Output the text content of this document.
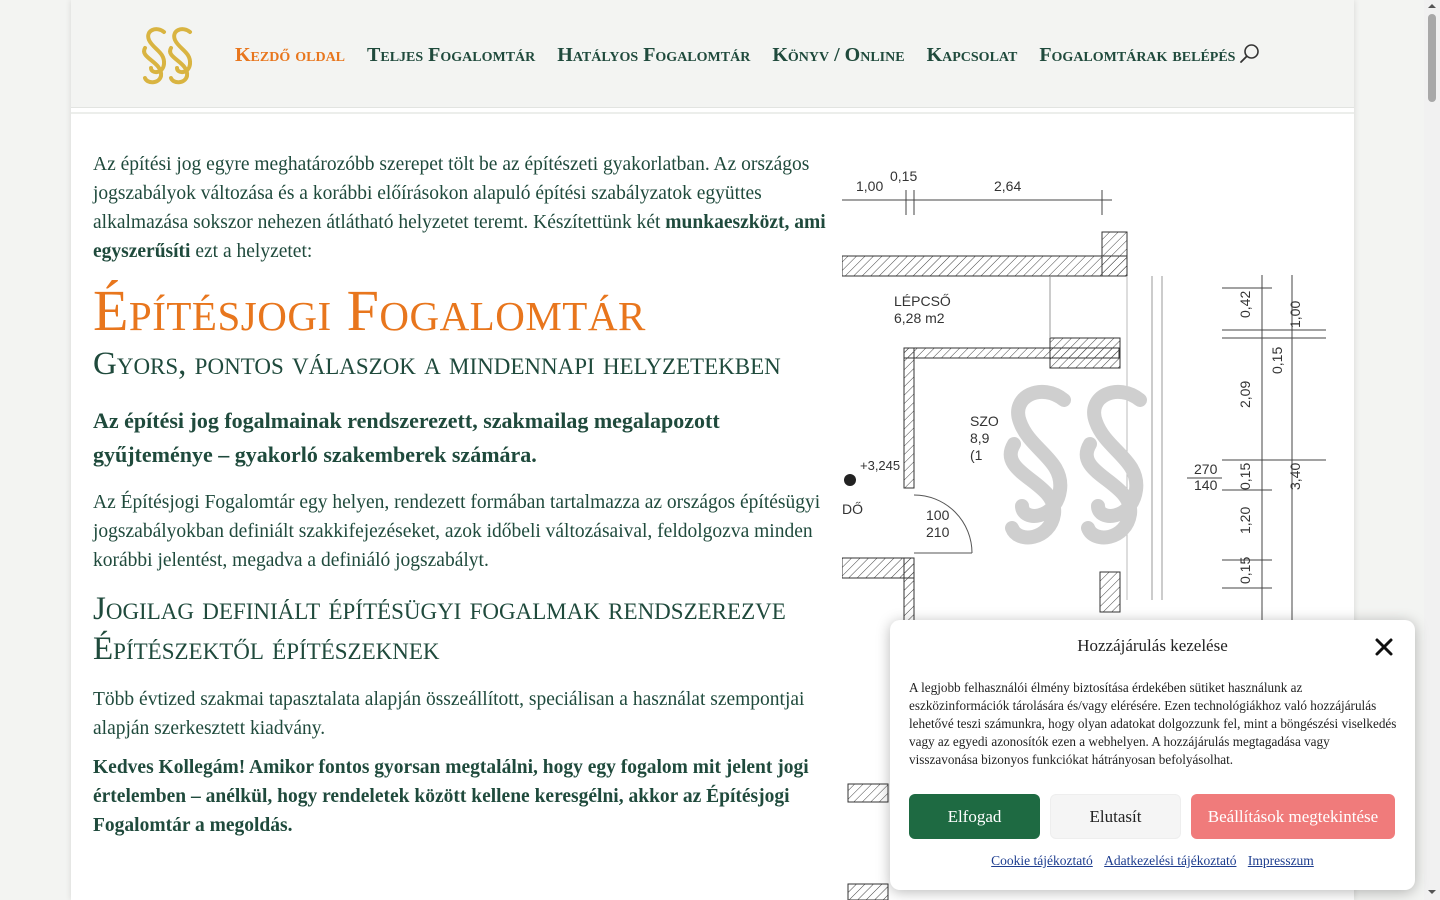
Kezdő oldal Teljes Fogalomtár Hatályos Fogalomtár Könyv / Online Kapcsolat Fogalomtárak belépés

Az építési jog egyre meghatározóbb szerepet tölt be az építészeti gyakorlatban. Az országos jogszabályok változása és a korábbi előírásokon alapuló építési szabályzatok együttes alkalmazása sokszor nehezen átlátható helyzetet teremt. Készítettünk két munkaeszközt, ami egyszerűsíti ezt a helyzetet:

Építésjogi Fogalomtár
Gyors, pontos válaszok a mindennapi helyzetekben

Az építési jog fogalmainak rendszerezett, szakmailag megalapozott gyűjteménye – gyakorló szakemberek számára.

Az Építésjogi Fogalomtár egy helyen, rendezett formában tartalmazza az országos építésügyi jogszabályokban definiált szakkifejezéseket, azok időbeli változásaival, feldolgozva minden korábbi jelentést, megadva a definiáló jogszabályt.

Jogilag definiált építésügyi fogalmak rendszerezve
Építészektől építészeknek

Több évtized szakmai tapasztalata alapján összeállított, speciálisan a használat szempontjai alapján szerkesztett kiadvány.

Kedves Kollegám! Amikor fontos gyorsan megtalálni, hogy egy fogalom mit jelent jogi értelemben – anélkül, hogy rendeletek között kellene keresgélni, akkor az Építésjogi Fogalomtár a megoldás.

1,00
0,15
2,64
0,42 1,00
0,15
2,09
0,15 3,40
1,20
0,15
LÉPCSŐ
6,28 m2
SZO
8,9
(1
+3,245
DŐ	100
210
270
140
Hozzájárulás kezelése
A legjobb felhasználói élmény biztosítása érdekében sütiket használunk az eszközinformációk tárolására és/vagy elérésére. Ezen technológiákhoz való hozzájárulás lehetővé teszi számunkra, hogy olyan adatokat dolgozzunk fel, mint a böngészési viselkedés vagy az egyedi azonosítók ezen a webhelyen. A hozzájárulás megtagadása vagy visszavonása bizonyos funkciókat hátrányosan befolyásolhat.
Elfogad	Elutasít	Beállítások megtekintése
Cookie tájékoztató Adatkezelési tájékoztató Impresszum
